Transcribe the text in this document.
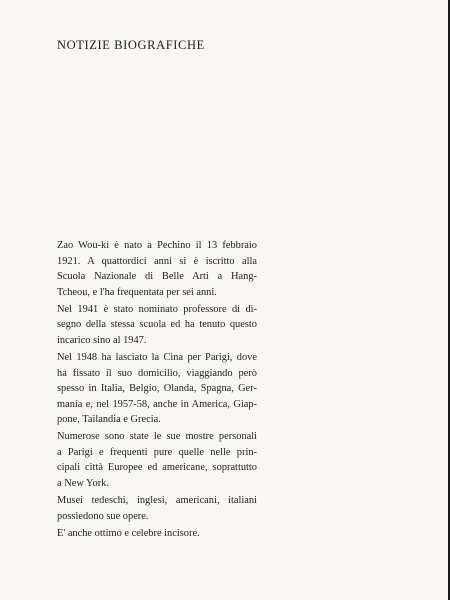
NOTIZIE BIOGRAFICHE
Zao Wou-ki è nato a Pechino il 13 febbraio
1921. A quattordici anni si è iscritto alla
Scuola Nazionale di Belle Arti a Hang-
Tcheou, e l'ha frequentata per sei anni.
Nel 1941 è stato nominato professore di di-
segno della stessa scuola ed ha tenuto questo
incarico sino al 1947.
Nel 1948 ha lasciato la Cina per Parigi, dove
ha fissato il suo domicilio, viaggiando però
spesso in Italia, Belgio, Olanda, Spagna, Ger-
mania e, nel 1957-58, anche in America, Giap-
pone, Tailandia e Grecia.
Numerose sono state le sue mostre personali
a Parigi e frequenti pure quelle nelle prin-
cipali città Europee ed americane, soprattutto
a New York.
Musei tedeschi, inglesi, americani, italiani
possiedono sue opere.
E' anche ottimo e celebre incisore.
